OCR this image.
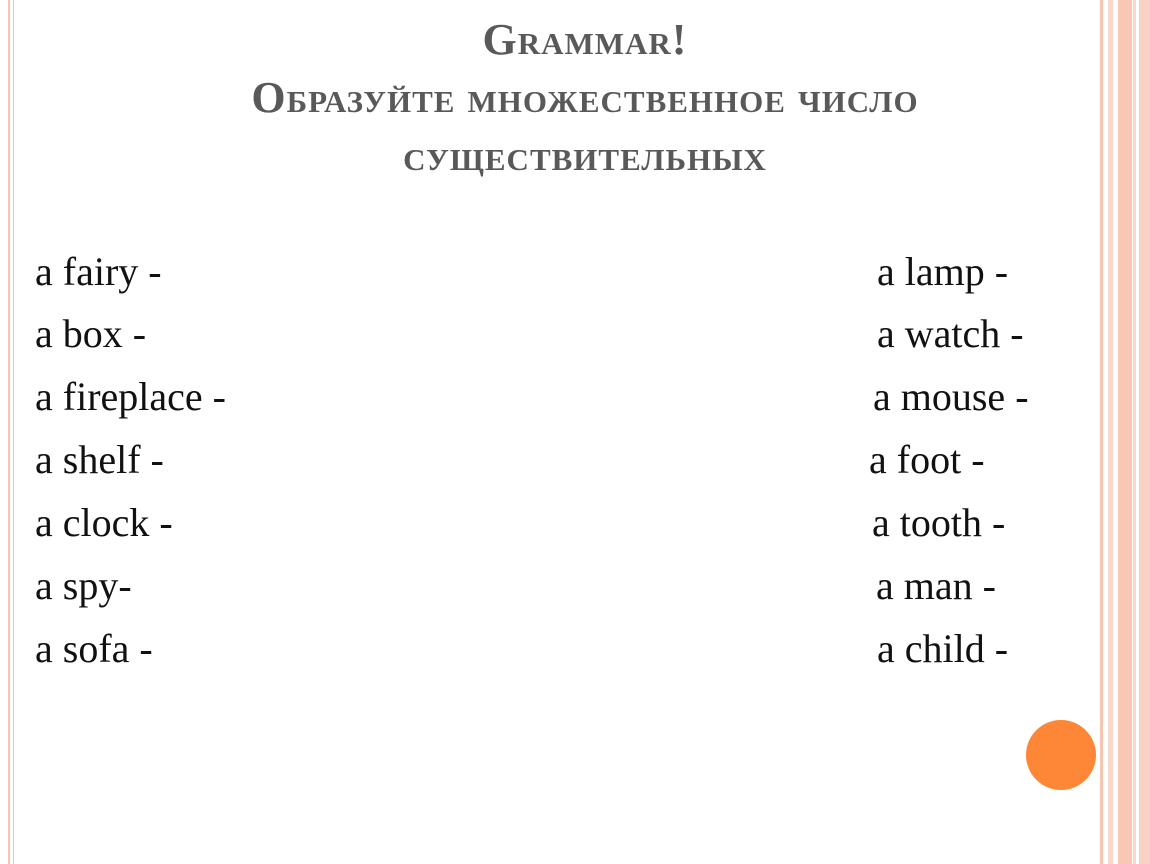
Grammar!
Образуйте множественное число
существительных
a fairy -
a box -
a fireplace -
a shelf -
a clock -
a spy-
a sofa -
a lamp -
a watch -
a mouse -
a foot -
a tooth -
a man -
a child -
